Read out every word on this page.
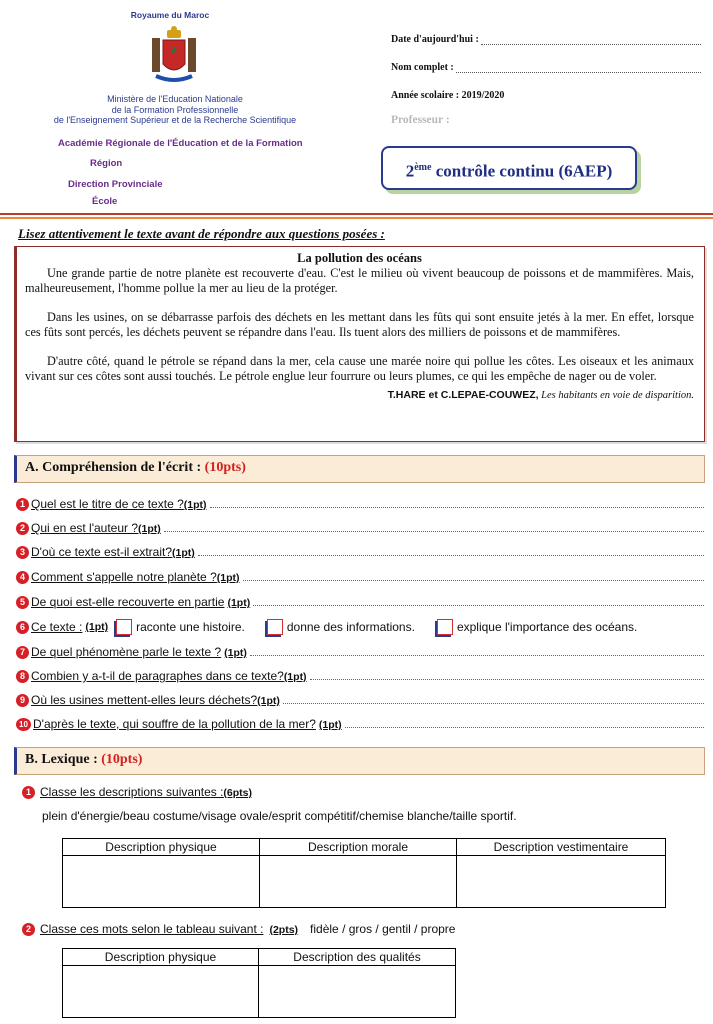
Royaume du Maroc
Ministère de l'Education Nationale
de la Formation Professionnelle
de l'Enseignement Supérieur et de la Recherche Scientifique
Académie Régionale de l'Éducation et de la Formation
Région
Direction Provinciale
École
Date d'aujourd'hui :
Nom complet :
Année scolaire : 2019/2020
Professeur :
2ème contrôle continu (6AEP)
Lisez attentivement le texte avant de répondre aux questions posées :

La pollution des océans

Une grande partie de notre planète est recouverte d'eau. C'est le milieu où vivent beaucoup de poissons et de mammifères. Mais, malheureusement, l'homme pollue la mer au lieu de la protéger.

Dans les usines, on se débarrasse parfois des déchets en les mettant dans les fûts qui sont ensuite jetés à la mer. En effet, lorsque ces fûts sont percés, les déchets peuvent se répandre dans l'eau. Ils tuent alors des milliers de poissons et de mammifères.

D'autre côté, quand le pétrole se répand dans la mer, cela cause une marée noire qui pollue les côtes. Les oiseaux et les animaux vivant sur ces côtes sont aussi touchés. Le pétrole englue leur fourrure ou leurs plumes, ce qui les empêche de nager ou de voler.

T.HARE et C.LEPAE-COUWEZ, Les habitants en voie de disparition.

A. Compréhension de l'écrit : (10pts)
1 Quel est le titre de ce texte ? (1pt)
2 Qui en est l'auteur ? (1pt)
3 D'où ce texte est-il extrait? (1pt)
4 Comment s'appelle notre planète ? (1pt)
5 De quoi est-elle recouverte en partie (1pt)
6 Ce texte : (1pt) raconte une histoire.	donne des informations.	explique l'importance des océans.
7 De quel phénomène parle le texte ? (1pt)
8 Combien y a-t-il de paragraphes dans ce texte? (1pt)
9 Où les usines mettent-elles leurs déchets? (1pt)
10 D'après le texte, qui souffre de la pollution de la mer? (1pt)
B. Lexique : (10pts)
1 Classe les descriptions suivantes : (6pts)
plein d'énergie/beau costume/visage ovale/esprit compétitif/chemise blanche/taille sportif.
Description physique	Description morale	Description vestimentaire

2 Classe ces mots selon le tableau suivant : (2pts) fidèle / gros / gentil / propre
Description physique	Description des qualités
